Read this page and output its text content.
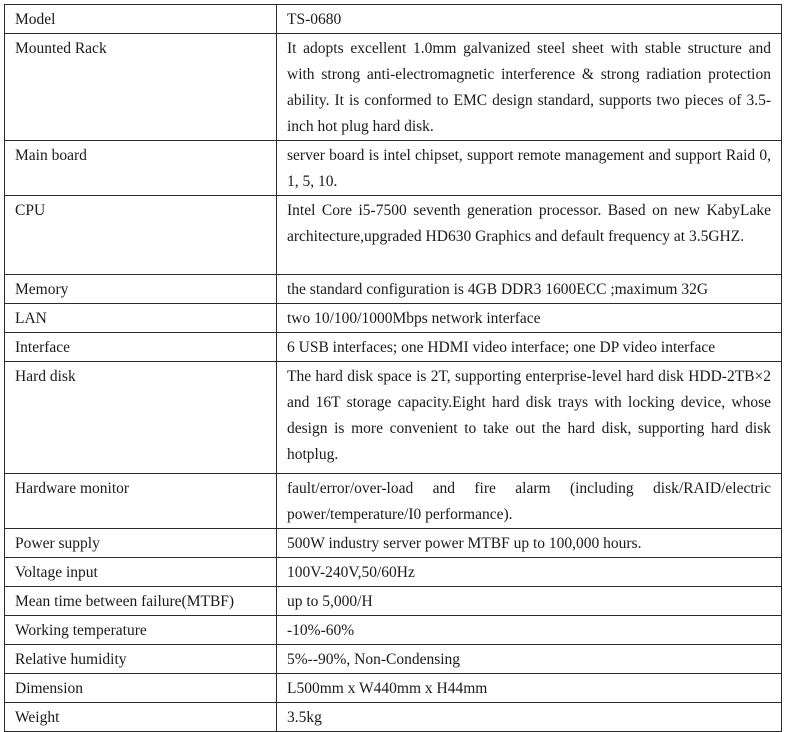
Model	TS-0680
Mounted Rack	It adopts excellent 1.0mm galvanized steel sheet with stable structure and with strong anti-electromagnetic interference & strong radiation protection ability. It is conformed to EMC design standard, supports two pieces of 3.5-inch hot plug hard disk.
Main board	server board is intel chipset, support remote management and support Raid 0, 1, 5, 10.
CPU	Intel Core i5-7500 seventh generation processor. Based on new KabyLake architecture,upgraded HD630 Graphics and default frequency at 3.5GHZ.
Memory	the standard configuration is 4GB DDR3 1600ECC ;maximum 32G
LAN	two 10/100/1000Mbps network interface
Interface	6 USB interfaces; one HDMI video interface; one DP video interface
Hard disk	The hard disk space is 2T, supporting enterprise-level hard disk HDD-2TB×2 and 16T storage capacity.Eight hard disk trays with locking device, whose design is more convenient to take out the hard disk, supporting hard disk hotplug.
Hardware monitor	fault/error/over-load and fire alarm (including disk/RAID/electric power/temperature/I0 performance).
Power supply	500W industry server power MTBF up to 100,000 hours.
Voltage input	100V-240V,50/60Hz
Mean time between failure(MTBF)	up to 5,000/H
Working temperature	-10%-60%
Relative humidity	5%--90%, Non-Condensing
Dimension	L500mm x W440mm x H44mm
Weight	3.5kg
